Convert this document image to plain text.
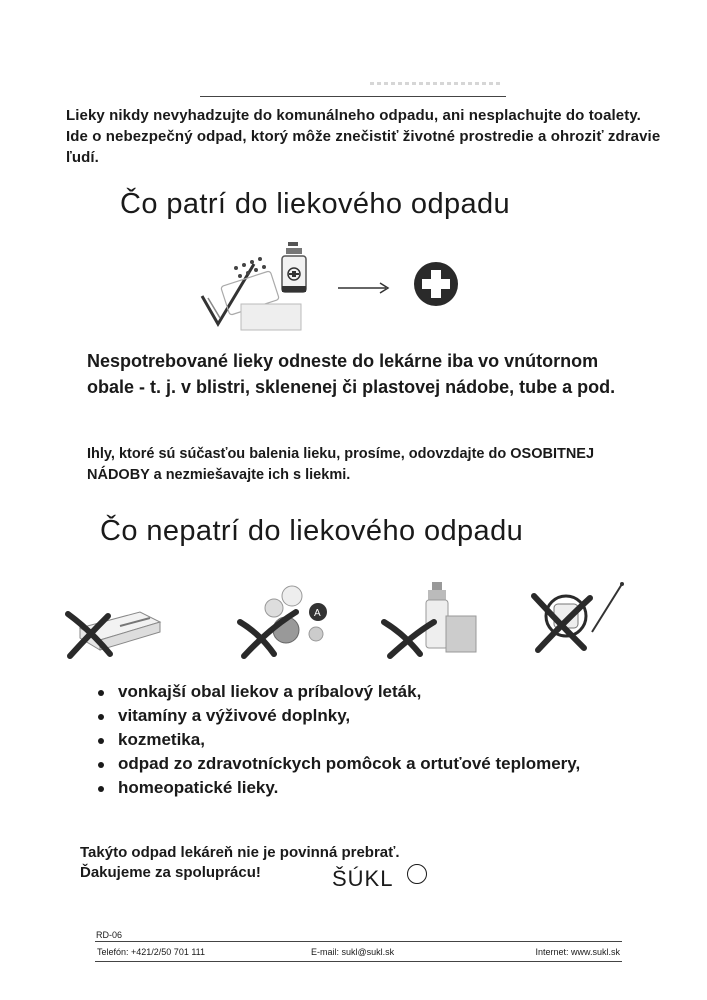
Lieky nikdy nevyhadzujte do komunálneho odpadu, ani nesplachujte do toalety. Ide o nebezpečný odpad, ktorý môže znečistiť životné prostredie a ohroziť zdravie ľudí.

Čo patrí do liekového odpadu

Nespotrebované lieky odneste do lekárne iba vo vnútornom obale - t. j. v blistri, sklenenej či plastovej nádobe, tube a pod.

Ihly, ktoré sú súčasťou balenia lieku, prosíme, odovzdajte do OSOBITNEJ NÁDOBY a nezmiešavajte ich s liekmi.

Čo nepatrí do liekového odpadu
A
vonkajší obal liekov a príbalový leták,
vitamíny a výživové doplnky,
kozmetika,
odpad zo zdravotníckych pomôcok a ortuťové teplomery,
homeopatické lieky.
Takýto odpad lekáreň nie je povinná prebrať.
Ďakujeme za spoluprácu!	ŠÚKL
RD-06
Telefón: +421/2/50 701 111	E-mail: sukl@sukl.sk	Internet: www.sukl.sk
